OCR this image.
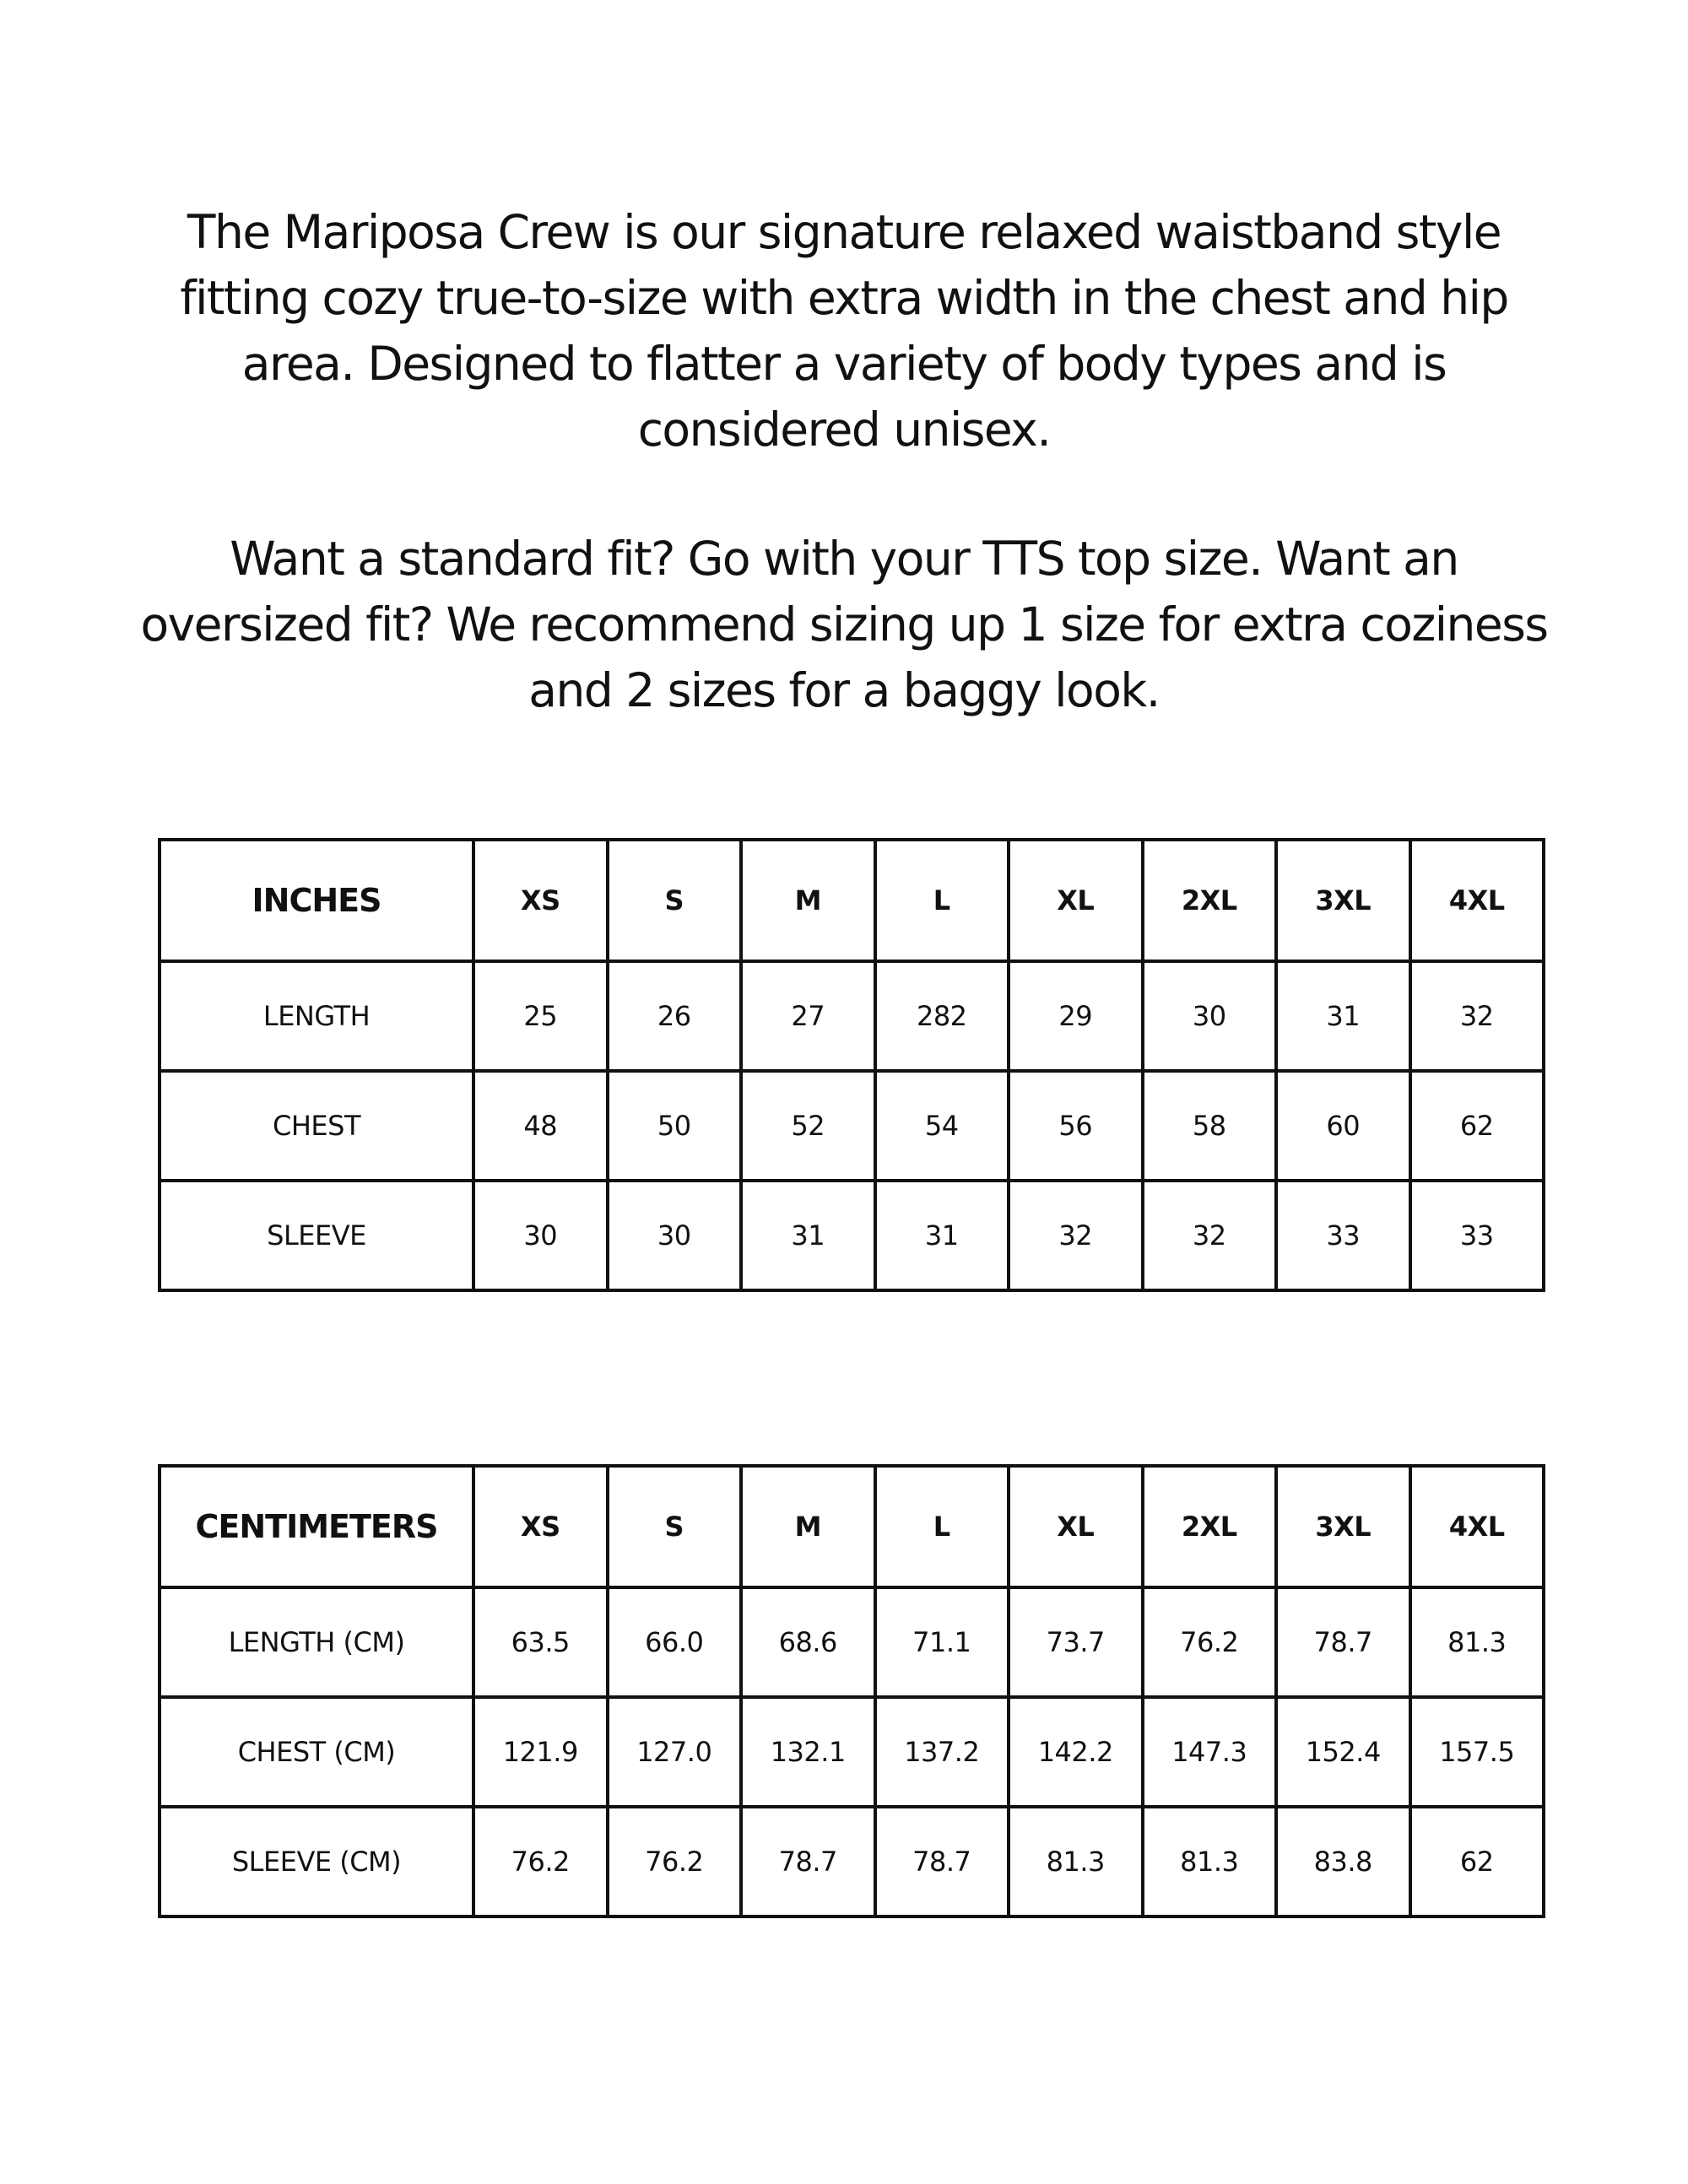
The Mariposa Crew is our signature relaxed waistband style fitting cozy true-to-size with extra width in the chest and hip area. Designed to flatter a variety of body types and is considered unisex.

Want a standard fit? Go with your TTS top size. Want an oversized fit? We recommend sizing up 1 size for extra coziness and 2 sizes for a baggy look.

INCHES	XS	S	M	L	XL	2XL	3XL	4XL
LENGTH	25	26	27	282	29	30	31	32
CHEST	48	50	52	54	56	58	60	62
SLEEVE	30	30	31	31	32	32	33	33
CENTIMETERS	XS	S	M	L	XL	2XL	3XL	4XL
LENGTH (CM)	63.5	66.0	68.6	71.1	73.7	76.2	78.7	81.3
CHEST (CM)	121.9	127.0	132.1	137.2	142.2	147.3	152.4	157.5
SLEEVE (CM)	76.2	76.2	78.7	78.7	81.3	81.3	83.8	62
